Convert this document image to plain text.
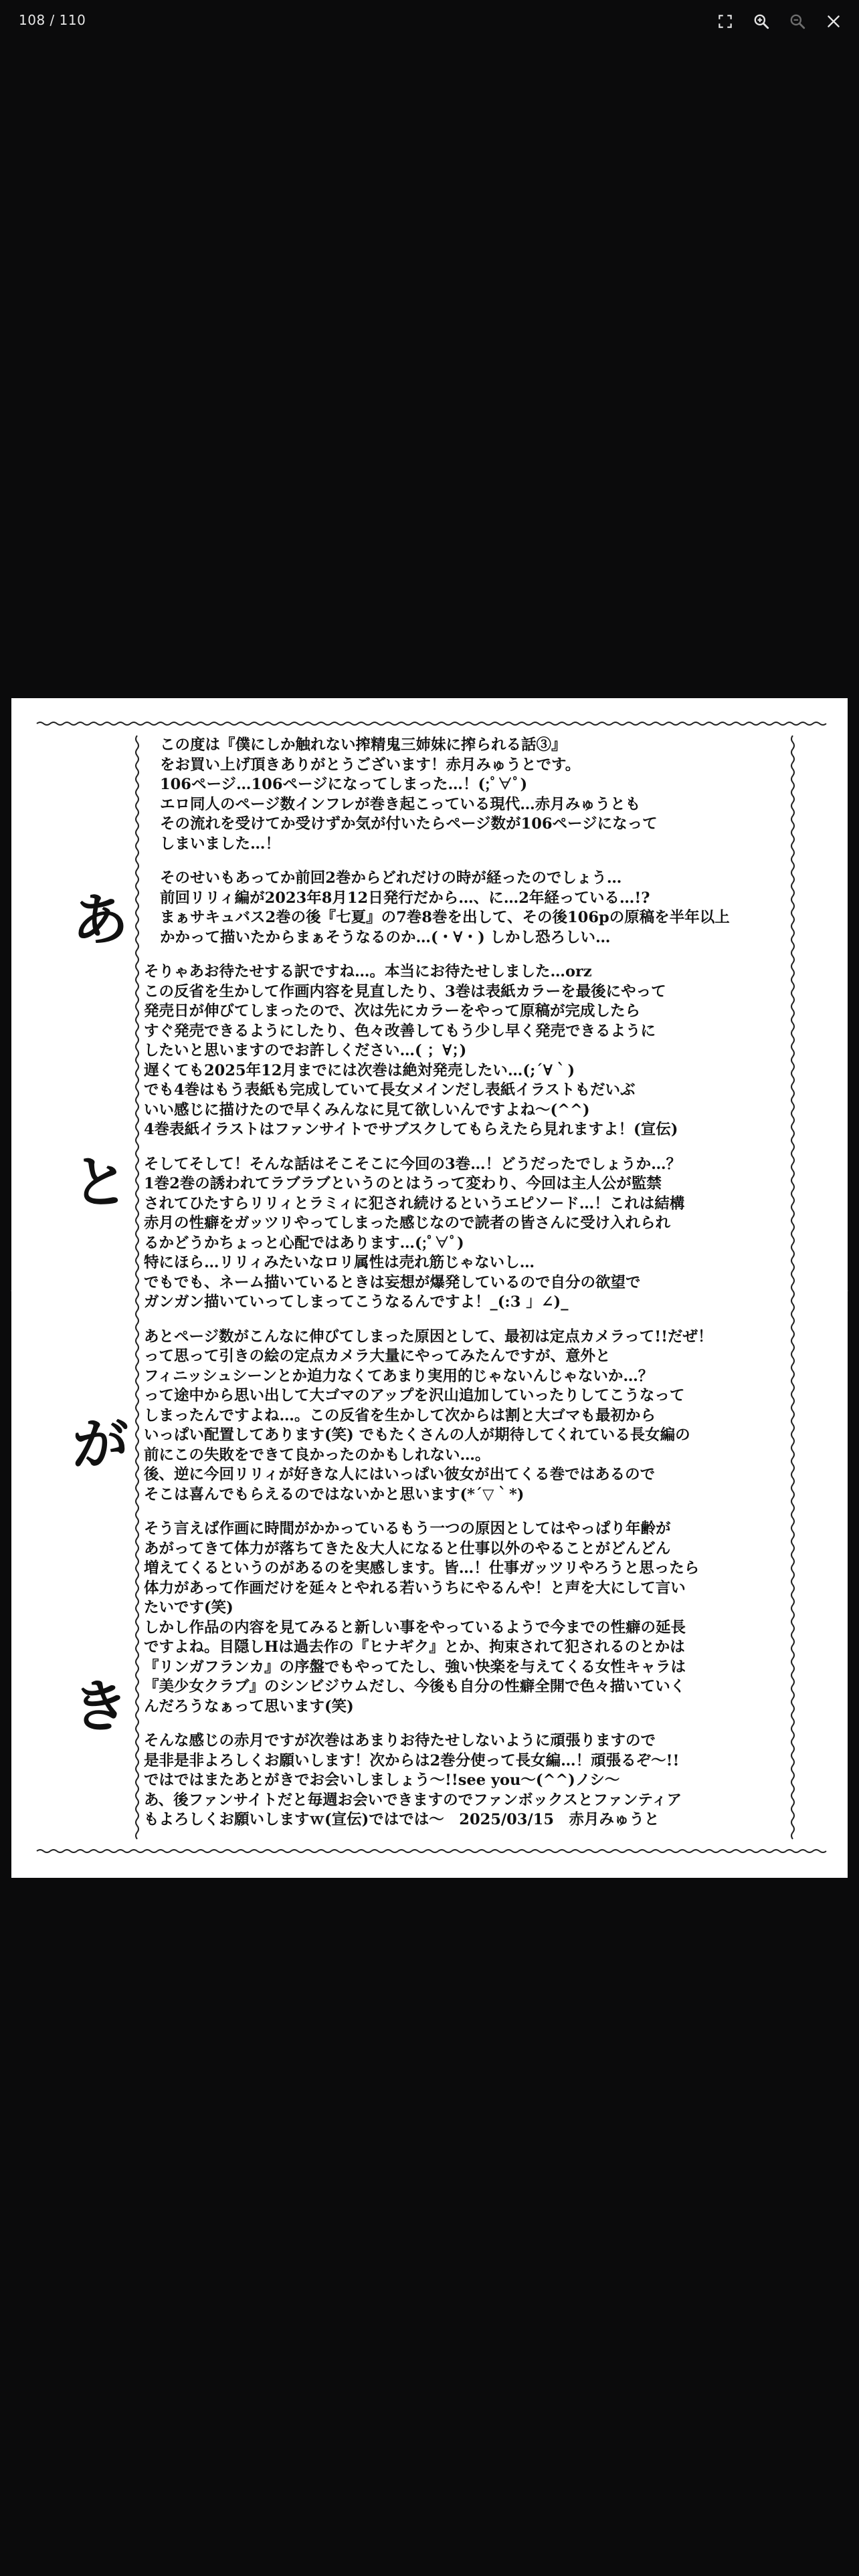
108 / 110
あ
と
が
き
この度は『僕にしか触れない搾精鬼三姉妹に搾られる話③』
をお買い上げ頂きありがとうございます！赤月みゅうとです。
106ページ…106ページになってしまった…！(;ﾟ∀ﾟ)
エロ同人のページ数インフレが巻き起こっている現代…赤月みゅうとも
その流れを受けてか受けずか気が付いたらページ数が106ページになって
しまいました…！
そのせいもあってか前回2巻からどれだけの時が経ったのでしょう…
前回リリィ編が2023年8月12日発行だから…、に…2年経っている…!?
まぁサキュバス2巻の後『七夏』の7巻8巻を出して、その後106pの原稿を半年以上
かかって描いたからまぁそうなるのか…(・∀・) しかし恐ろしい…
そりゃあお待たせする訳ですね…。本当にお待たせしました…orz
この反省を生かして作画内容を見直したり、3巻は表紙カラーを最後にやって
発売日が伸びてしまったので、次は先にカラーをやって原稿が完成したら
すぐ発売できるようにしたり、色々改善してもう少し早く発売できるように
したいと思いますのでお許しください…( ；∀；)
遅くても2025年12月までには次巻は絶対発売したい…(;´∀｀)
でも4巻はもう表紙も完成していて長女メインだし表紙イラストもだいぶ
いい感じに描けたので早くみんなに見て欲しいんですよね～(^^)
4巻表紙イラストはファンサイトでサブスクしてもらえたら見れますよ！(宣伝)
そしてそして！そんな話はそこそこに今回の3巻…！どうだったでしょうか…？
1巻2巻の誘われてラブラブというのとはうって変わり、今回は主人公が監禁
されてひたすらリリィとラミィに犯され続けるというエピソード…！これは結構
赤月の性癖をガッツリやってしまった感じなので読者の皆さんに受け入れられ
るかどうかちょっと心配ではあります…(;ﾟ∀ﾟ)
特にほら…リリィみたいなロリ属性は売れ筋じゃないし…
でもでも、ネーム描いているときは妄想が爆発しているので自分の欲望で
ガンガン描いていってしまってこうなるんですよ！_(:3 」∠)_
あとページ数がこんなに伸びてしまった原因として、最初は定点カメラって!!だぜ！
って思って引きの絵の定点カメラ大量にやってみたんですが、意外と
フィニッシュシーンとか迫力なくてあまり実用的じゃないんじゃないか…？
って途中から思い出して大ゴマのアップを沢山追加していったりしてこうなって
しまったんですよね…。この反省を生かして次からは割と大ゴマも最初から
いっぱい配置してあります(笑) でもたくさんの人が期待してくれている長女編の
前にこの失敗をできて良かったのかもしれない…。
後、逆に今回リリィが好きな人にはいっぱい彼女が出てくる巻ではあるので
そこは喜んでもらえるのではないかと思います(*´▽｀*)
そう言えば作画に時間がかかっているもう一つの原因としてはやっぱり年齢が
あがってきて体力が落ちてきた＆大人になると仕事以外のやることがどんどん
増えてくるというのがあるのを実感します。皆…！仕事ガッツリやろうと思ったら
体力があって作画だけを延々とやれる若いうちにやるんや！と声を大にして言い
たいです(笑)
しかし作品の内容を見てみると新しい事をやっているようで今までの性癖の延長
ですよね。目隠しHは過去作の『ヒナギク』とか、拘束されて犯されるのとかは
『リンガフランカ』の序盤でもやってたし、強い快楽を与えてくる女性キャラは
『美少女クラブ』のシンビジウムだし、今後も自分の性癖全開で色々描いていく
んだろうなぁって思います(笑)
そんな感じの赤月ですが次巻はあまりお待たせしないように頑張りますので
是非是非よろしくお願いします！次からは2巻分使って長女編…！頑張るぞ～!!
ではではまたあとがきでお会いしましょう～!!see you～(^^)ノシ～
あ、後ファンサイトだと毎週お会いできますのでファンボックスとファンティア
もよろしくお願いしますｗ(宣伝)ではでは～　2025/03/15　赤月みゅうと
